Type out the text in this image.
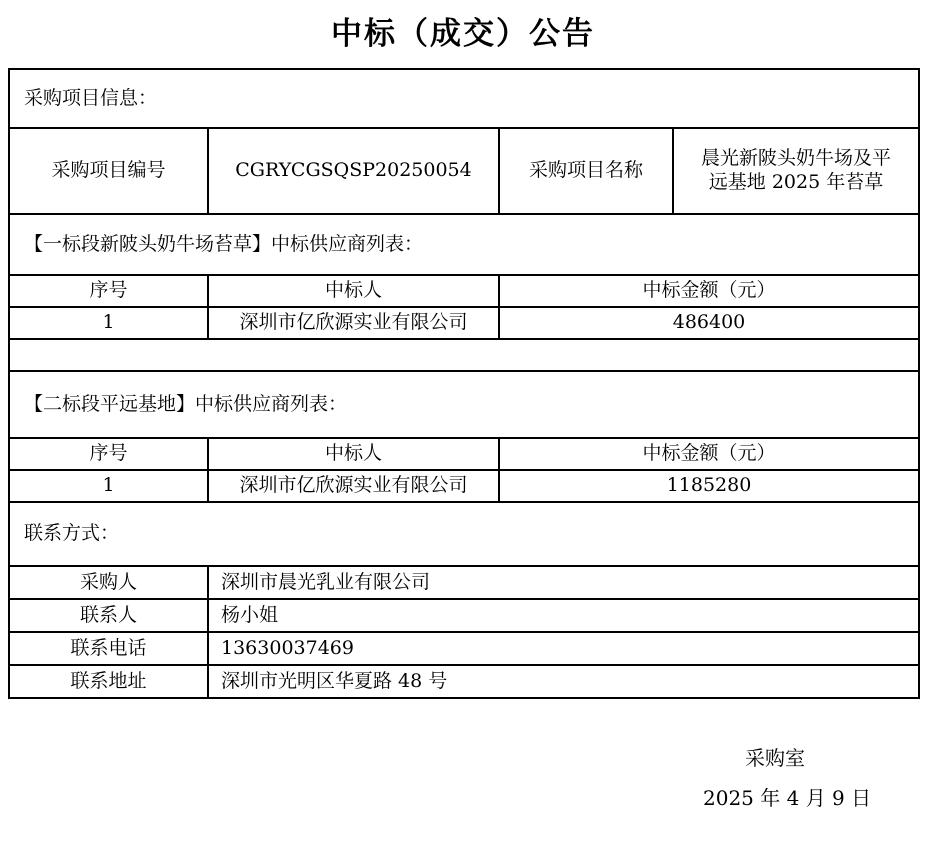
中标（成交）公告
采购项目信息：			
采购项目编号	CGRYCGSQSP20250054	采购项目名称	晨光新陂头奶牛场及平
远基地 2025 年苔草

【一标段新陂头奶牛场苔草】中标供应商列表：			
序号	中标人	中标金额（元）	
1	深圳市亿欣源实业有限公司	486400	

【二标段平远基地】中标供应商列表：			
序号	中标人	中标金额（元）	
1	深圳市亿欣源实业有限公司	1185280	
联系方式：			
采购人	深圳市晨光乳业有限公司		
联系人	杨小姐		
联系电话	13630037469		
联系地址	深圳市光明区华夏路 48 号		
采购室
2025 年 4 月 9 日
